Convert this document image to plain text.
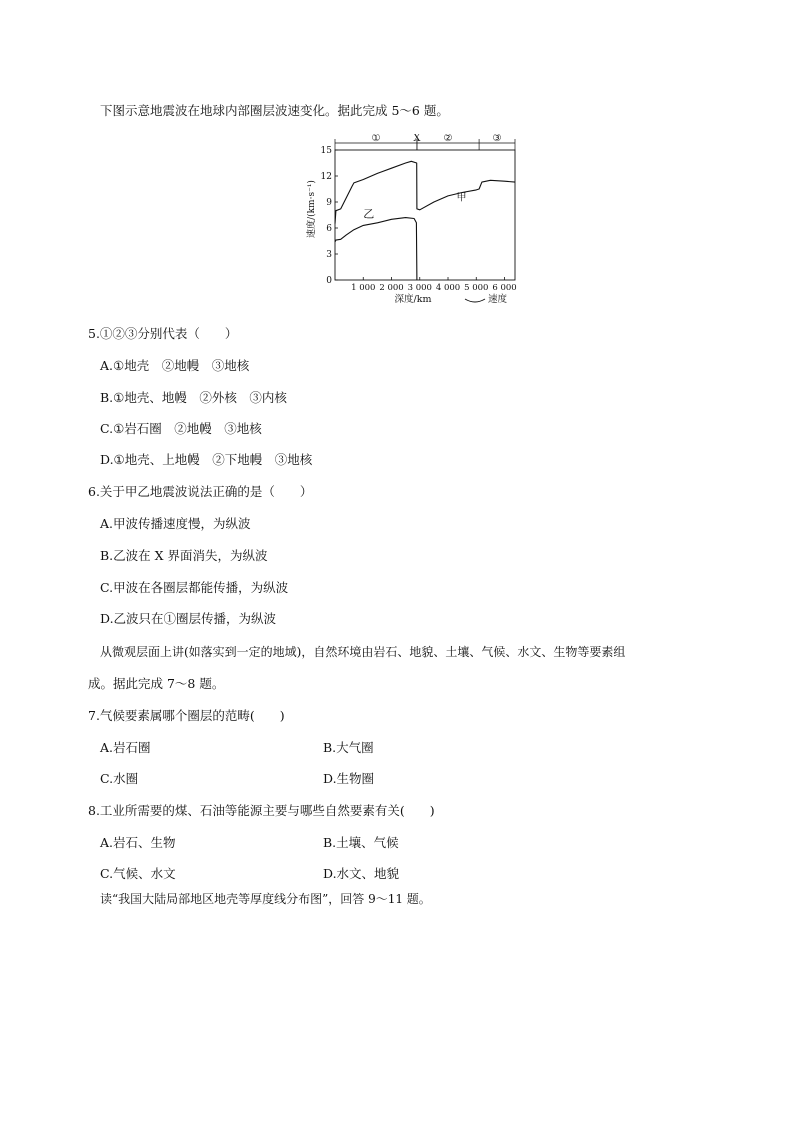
下图示意地震波在地球内部圈层波速变化。据此完成 5～6 题。
0
3
6
9
12
15
1 000 2 000 3 000 4 000 5 000 6 000
速度/(km·s⁻¹)
深度/km	速度
①	X ②	③
甲
乙
5.①②③分别代表（　　）
A.①地壳　②地幔　③地核
B.①地壳、地幔　②外核　③内核
C.①岩石圈　②地幔　③地核
D.①地壳、上地幔　②下地幔　③地核
6.关于甲乙地震波说法正确的是（　　）
A.甲波传播速度慢，为纵波
B.乙波在 X 界面消失，为纵波
C.甲波在各圈层都能传播，为纵波
D.乙波只在①圈层传播，为纵波
从微观层面上讲(如落实到一定的地域)，自然环境由岩石、地貌、土壤、气候、水文、生物等要素组
成。据此完成 7～8 题。
7.气候要素属哪个圈层的范畴(　　)
A.岩石圈	B.大气圈
C.水圈	D.生物圈
8.工业所需要的煤、石油等能源主要与哪些自然要素有关(　　)
A.岩石、生物	B.土壤、气候
C.气候、水文	D.水文、地貌
读“我国大陆局部地区地壳等厚度线分布图”，回答 9～11 题。
